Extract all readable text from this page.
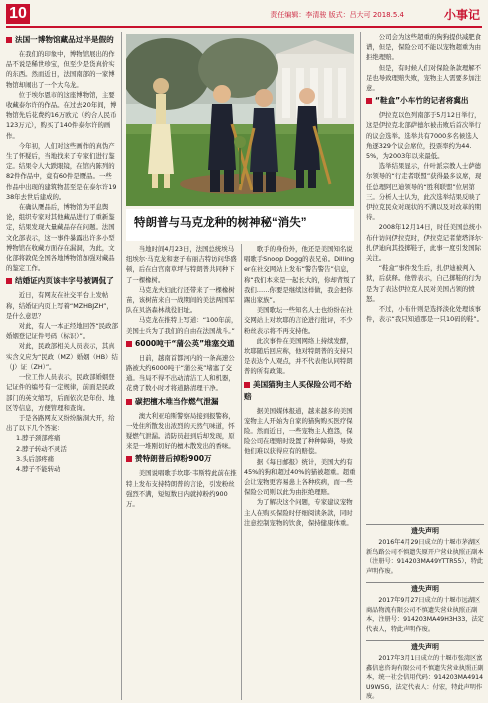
10	责任编辑：李清骏 版式：吕大可 2018.5.4	小事记
法国一博物馆藏品过半是假的

在我们的印象中，博物馆展出的作品不说是稀世珍宝，但至少是货真价实的东西。然而近日，法国南部的一家博物馆却闹出了一个大乌龙。

位于埃尔恩市的这座博物馆，主要收藏泰尔许的作品。在过去20年间，博物馆先后花费约16万欧元（约合人民币123万元），购买了140件泰尔许的画作。

今年初，人们对这些画作的真伪产生了怀疑后，当地找来了专家们进行鉴定。结果令人大跌眼镜，在馆内陈列的82件作品中，竟有60件是赝品。一些作品中出现的建筑物甚至是在泰尔许1938年去世后建成的。

在确认赝品后，博物馆为平息舆论，组织专家对其他藏品进行了重新鉴定，结果发现大量藏品存在问题。法国文化部表示，这一事件暴露出许多小型博物馆在收藏方面存在漏洞，为此，文化部将敦促全国各地博物馆加强对藏品的鉴定工作。

结婚证内页该丰字号被调侃了

近日，有网友在社交平台上发帖称，结婚证内页上写着“MZHBJZH”，是什么意思？

对此，有人一本正经地回答“民政部婚姻登记证件号码（标识）”。

对此，民政部相关人员表示，其真实含义应为“民政（MZ）婚姻（HB）结（J）证（ZH）”。

一位工作人员表示，民政部婚姻登记证件的编号有一定规律，前面是民政部门的英文缩写，后面依次是年份、地区等信息，方便管理和查询。

于是各路网友又纷纷脑洞大开，给出了以下几个答案：

1.脖子颈部疼痛

2.脖子转动不灵活

3.头后部疼痛

4.脖子不能转动

特朗普与马克龙种的树神秘“消失”

当地时间4月23日，法国总统埃马纽埃尔·马克龙和妻子布丽吉特访问华盛顿，后在白宫南草坪与特朗普共同种下了一棵橡树。

马克龙夫妇此行还带来了一棵橡树苗，该树苗来自一战期间的美法两国军队在贝洛森林战役旧址。

马克龙在推特上写道：“100年前，美国士兵为了我们的自由在法国战斗。”

6000吨干“蒲公英”堆塞交通

日前，越南首都河内的一条高速公路被大约6000吨干“蒲公英”堵塞了交通。当局不得不出动清洁工人和机器，花费了数小时才将道路清理干净。

碳把檀木堆当作燃气泄漏

澳大利亚珀斯警察局接到报警称，一处住所散发出浓烈的天然气味道，怀疑燃气泄漏。消防员赶到后却发现，原来是一堆刚切好的檀木散发出的香味。

赞特朗普后掉粉900万

美国说唱歌手坎耶·韦斯特此前在推特上发布支持特朗普的言论，引发粉丝强烈不满，短短数日内就掉粉约900万。

歌手的身份外，他还是美国知名说唱歌手Snoop Dogg的表兄弟。Dillinger在社交网站上发布“警告警告”信息，称“我们本来是一起长大的，你却背叛了我们……你要是继续这样做，我会把你踢出家族”。

美国歌坛一些知名人士也纷纷在社交网站上对坎耶的言论进行批评，不少粉丝表示将不再支持他。

此次事件在美国网络上持续发酵，坎耶随后回应称，他对特朗普的支持只是表达个人观点，并不代表他认同特朗普的所有政策。

美国猫狗主人买保险公司不给赔

据美国媒体报道，越来越多的美国宠物主人开始为自家的猫狗购买医疗保险。然而近日，一些宠物主人抱怨，保险公司在理赔时设置了种种障碍，导致他们难以获得应有的赔偿。

据《每日邮报》统计，美国大约有45%的狗和超过40%的猫被超重。超重会让宠物更容易患上各种疾病，而一些保险公司则以此为由拒绝理赔。

为了解决这个问题，专家建议宠物主人在购买保险时仔细阅读条款，同时注意控制宠物的饮食，保持健康体重。

公司会为这些超重的狗狗提供减肥食谱，但是，保险公司不能以宠物超重为由拒绝理赔。

但是，有时候人们对保险条款理解不足也导致理赔失败，宠物主人需要多加注意。

“鞋盒”小车竹的记者将冀出

伊拉克以色列南部于5月12日举行，这是伊拉克北部萨德尔被击败后首次举行的议会选举。选举共有7000多名候选人角逐329个议会席位，投票率约为44.5%，为2003年以来最低。

选举结果显示，什叶派宗教人士萨德尔领导的“行走者联盟”获得最多议席，现任总理阿巴迪领导的“胜利联盟”位居第三。分析人士认为，此次选举结果反映了伊拉克民众对现状的不满以及对改革的期待。

2008年12月14日，时任美国总统小布什访问伊拉克时，伊拉克记者蒙塔泽尔·扎伊迪向其投掷鞋子，此事一度引发国际关注。

“鞋盒”事件发生后，扎伊迪被判入狱，后获释。他曾表示，自己掷鞋的行为是为了表达伊拉克人民对美国占领的愤怒。

不过，小布什则是选择淡化处理该事件，表示“我只知道那是一只10码的鞋”。

遗失声明

2016年4月29日成立的十堰市茅湖区新鸟路公司不慎遗失原开户营业执照正副本（注册号：914203MA49YTTR55），特此声明作废。

遗失声明

2017年9月27日成立的十堰市远湖区商品物流有限公司不慎遗失营业执照正副本，注册号：914203MA49H3H33，法定代表人，特此声明作废。

遗失声明

2017年3月1日成立的十堰市张湾区富鑫信息咨询有限公司不慎遗失营业执照正副本，统一社会信用代码：914203MA4914U9W5G，法定代表人：付宏，特此声明作废。
